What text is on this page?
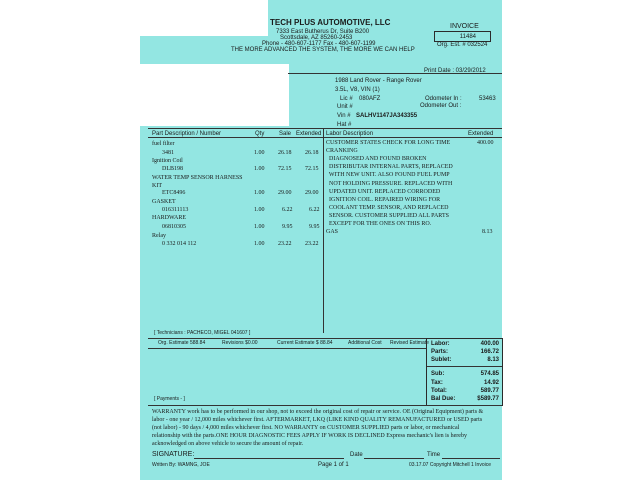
TECH PLUS AUTOMOTIVE, LLC
7333 East Butherus Dr, Suite B200
Scottsdale, AZ 85260-2453
Phone - 480-607-1177 Fax - 480-607-1199
THE MORE ADVANCED THE SYSTEM, THE MORE WE CAN HELP
INVOICE
11484
Org. Est. # 032524
Print Date : 03/29/2012
1988 Land Rover - Range Rover
3.5L, V8, VIN (1)
Lic # 080AFZ
Unit #
Vin # SALHV1147JA343355
Hat #
Odometer In :	53463
Odometer Out :
Part Description / Number	Qty Sale Extended Labor Description	Extended
fuel filter
3481	1.00 26.18 26.18
Ignition Coil
DLB198	1.00 72.15 72.15
WATER TEMP SENSOR HARNESS KIT
ETC8496	1.00 29.00 29.00
GASKET
016311113	1.00	6.22	6.22
HARDWARE
06810305	1.00	9.95	9.95
Relay
0 332 014 112	1.00 23.22 23.22
CUSTOMER STATES CHECK FOR LONG TIME	400.00
CRANKING
DIAGNOSED AND FOUND BROKEN
DISTRIBUTAR INTERNAL PARTS, REPLACED
WITH NEW UNIT. ALSO FOUND FUEL PUMP
NOT HOLDING PRESSURE. REPLACED WITH
UPDATED UNIT. REPLACED CORRODED
IGNITION COIL. REPAIRED WIRING FOR
COOLANT TEMP. SENSOR, AND REPLACED
SENSOR. CUSTOMER SUPPLIED ALL PARTS
EXCEPT FOR THE ONES ON THIS RO.
GAS	8.13
[ Technicians : PACHECO, MIGEL 041607 ]
Org. Estimate 588.84	Revisions $0.00	Current Estimate $ 88.84	Additional Cost Revised Estimate Labor:	400.00
Parts:	166.72
Sublet:	8.13
Sub:	574.85
Tax:	14.92
Total:	589.77
Bal Due:	$589.77
[ Payments - ]
WARRANTY work has to be performed in our shop, not to exceed the original cost of repair or service. OE (Original Equipment) parts &
labor - one year / 12,000 miles whichever first. AFTERMARKET, LKQ (LIKE KIND QUALITY REMANUFACTURED or USED parts
(not labor) - 90 days / 4,000 miles whichever first. NO WARRANTY on CUSTOMER SUPPLIED parts or labor, or mechanical
relationship with the parts.ONE HOUR DIAGNOSTIC FEES APPLY IF WORK IS DECLINED Express mechanic's lien is hereby
acknowledged on above vehicle to secure the amount of repair.
SIGNATURE:	Date	Time
Written By: WAMNG, JOE	Page 1 of 1	03.17.07 Copyright Mitchell 1 Invoice
